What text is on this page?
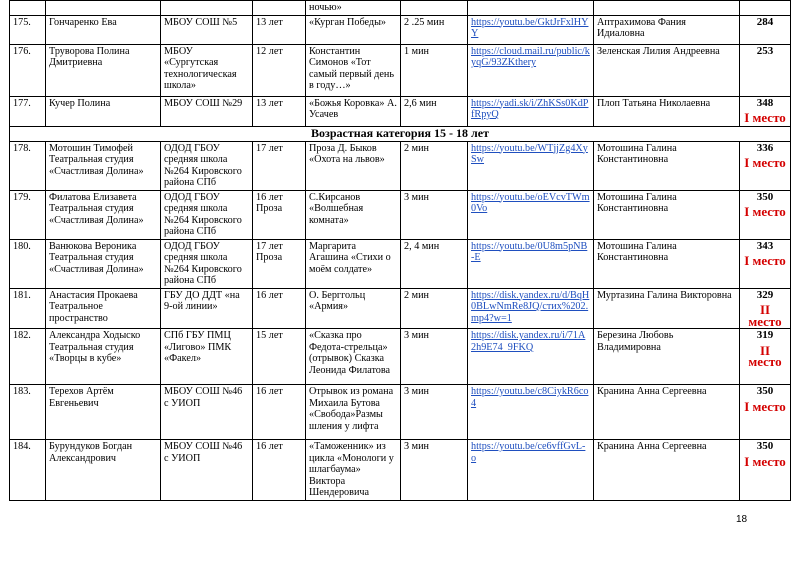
				ночью»				
175.	Гончаренко Ева	МБОУ СОШ №5	13 лет	«Курган Победы»	2 .25 мин	https://youtu.be/GktJrFxlHYY	Аптрахимова Фания Идиаловна	284

176.	Труворова Полина Дмитриевна	МБОУ «Сургутская технологическая школа»	12 лет	Константин Симонов «Тот самый первый день в году…»	1 мин	https://cloud.mail.ru/public/kyqG/93ZKthery	Зеленская Лилия Андреевна	253

177.	Кучер Полина	МБОУ СОШ №29	13 лет	«Божья Коровка» А. Усачев	2,6 мин	https://yadi.sk/i/ZhKSs0KdPfRpyQ	Плоп Татьяна Николаевна	348
I место

Возрастная категория 15 - 18 лет								
178.	Мотошин Тимофей Театральная студия «Счастливая Долина»	ОДОД ГБОУ средняя школа №264 Кировского района СПб	17 лет	Проза Д. Быков «Охота на львов»	2 мин	https://youtu.be/WTjjZg4XySw	Мотошина Галина Константиновна	336
I место

179.	Филатова Елизавета Театральная студия «Счастливая Долина»	ОДОД ГБОУ средняя школа №264 Кировского района СПб	16 лет Проза	С.Кирсанов «Волшебная комната»	3 мин	https://youtu.be/oEVcvTWm0Vo	Мотошина Галина Константиновна	350
I место

180.	Ванюкова Вероника Театральная студия «Счастливая Долина»	ОДОД ГБОУ средняя школа №264 Кировского района СПб	17 лет Проза	Маргарита Агашина «Стихи о моём солдате»	2, 4 мин	https://youtu.be/0U8m5pNB-E	Мотошина Галина Константиновна	343
I место

181.	Анастасия Прокаева Театральное пространство	ГБУ ДО ДДТ «на 9-ой линии»	16 лет	О. Берггольц «Армия»	2 мин	https://disk.yandex.ru/d/BqH0BLwNmRe8JQ/стих%202.mp4?w=1	Муртазина Галина Викторовна	329
II место

182.	Александра Ходыско Театральная студия «Творцы в кубе»	СПб ГБУ ПМЦ «Лиговo» ПМК «Факел»	15 лет	«Сказка про Федота-стрельца» (отрывок) Сказка Леонида Филатова	3 мин	https://disk.yandex.ru/i/71A2h9E74_9FKQ	Березина Любовь Владимировна	319
II место

183.	Терехов Артём Евгеньевич	МБОУ СОШ №46 с УИОП	16 лет	Отрывок из романа Михаила Бутова «Свобода»Размы шления у лифта	3 мин	https://youtu.be/c8CiykR6co4	Кранина Анна Сергеевна	350
I место

184.	Бурундуков Богдан Александрович	МБОУ СОШ №46 с УИОП	16 лет	«Таможенник» из цикла «Монологи у шлагбаума» Виктора Шендеровича	3 мин	https://youtu.be/ce6vffGvL-o	Кранина Анна Сергеевна	350
I место
18
